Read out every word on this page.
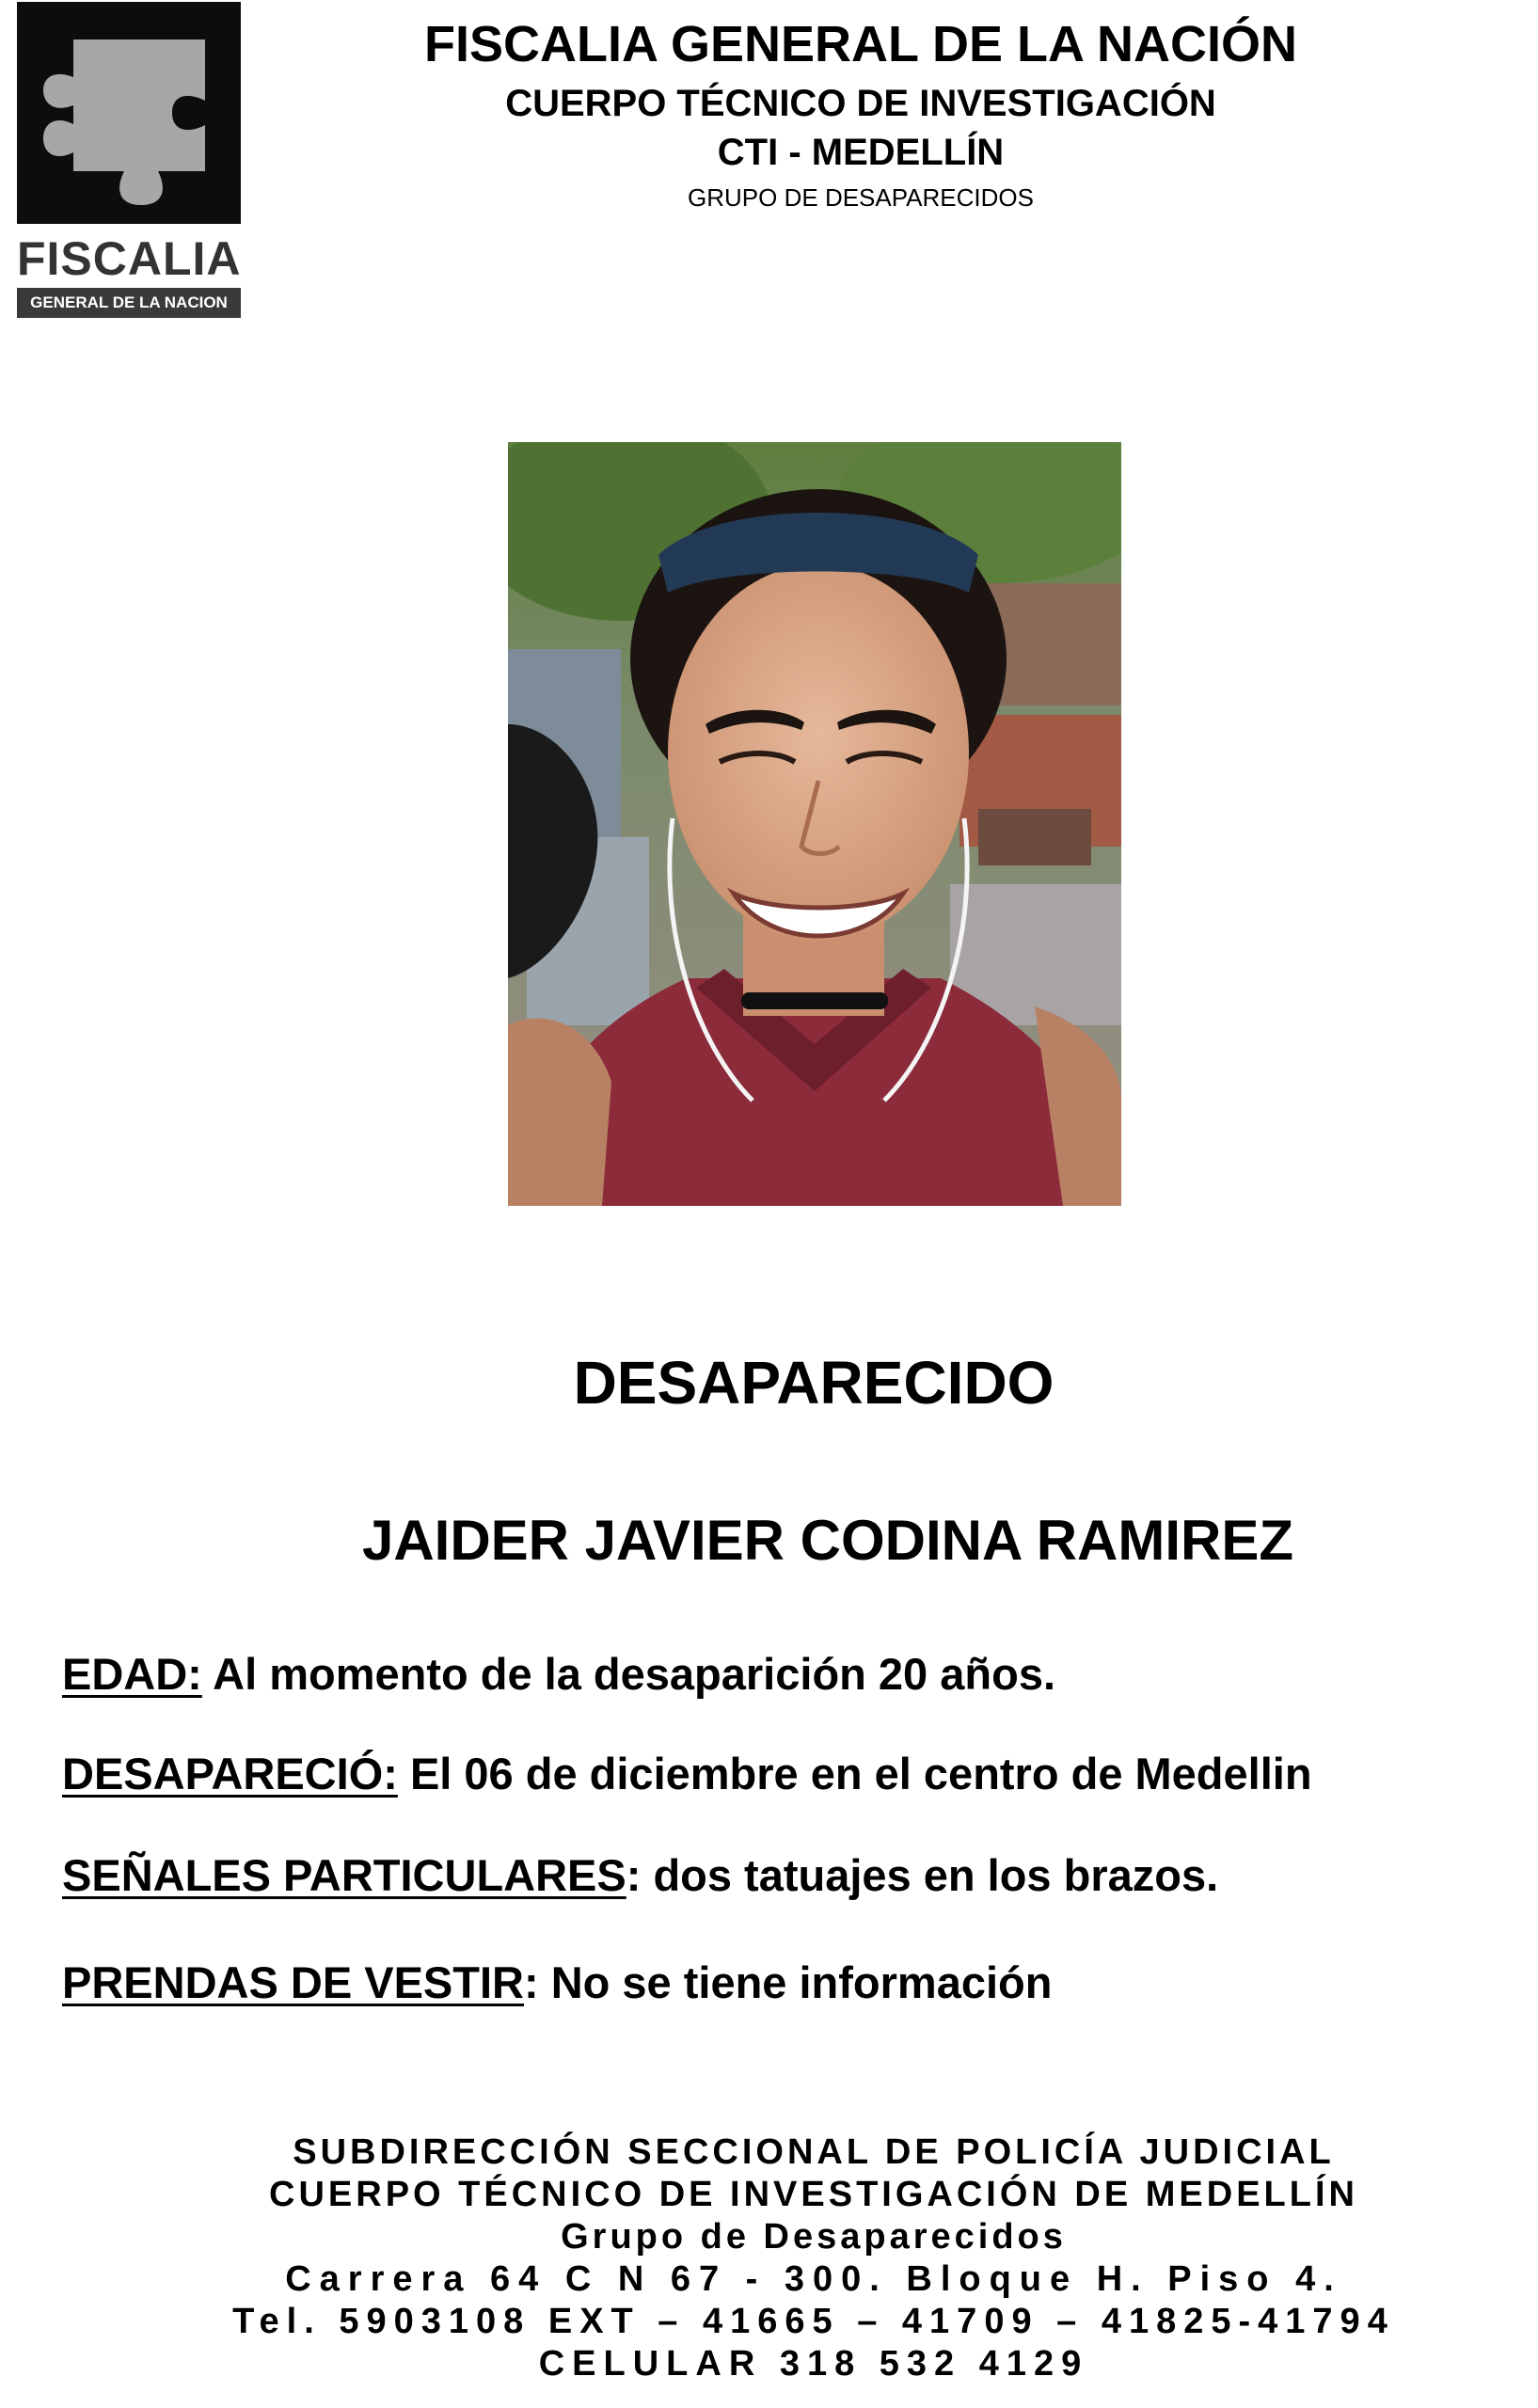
FISCALIA
GENERAL DE LA NACION
FISCALIA GENERAL DE LA NACIÓN
CUERPO TÉCNICO DE INVESTIGACIÓN
CTI - MEDELLÍN
GRUPO DE DESAPARECIDOS
DESAPARECIDO
JAIDER JAVIER CODINA RAMIREZ
EDAD: Al momento de la desaparición 20 años.
DESAPARECIÓ: El 06 de diciembre en el centro de Medellin
SEÑALES PARTICULARES: dos tatuajes en los brazos.
PRENDAS DE VESTIR: No se tiene información
SUBDIRECCIÓN SECCIONAL DE POLICÍA JUDICIAL
CUERPO TÉCNICO DE INVESTIGACIÓN DE MEDELLÍN
Grupo de Desaparecidos
Carrera 64 C N 67 - 300. Bloque H. Piso 4.
Tel. 5903108 EXT – 41665 – 41709 – 41825-41794
CELULAR 318 532 4129
